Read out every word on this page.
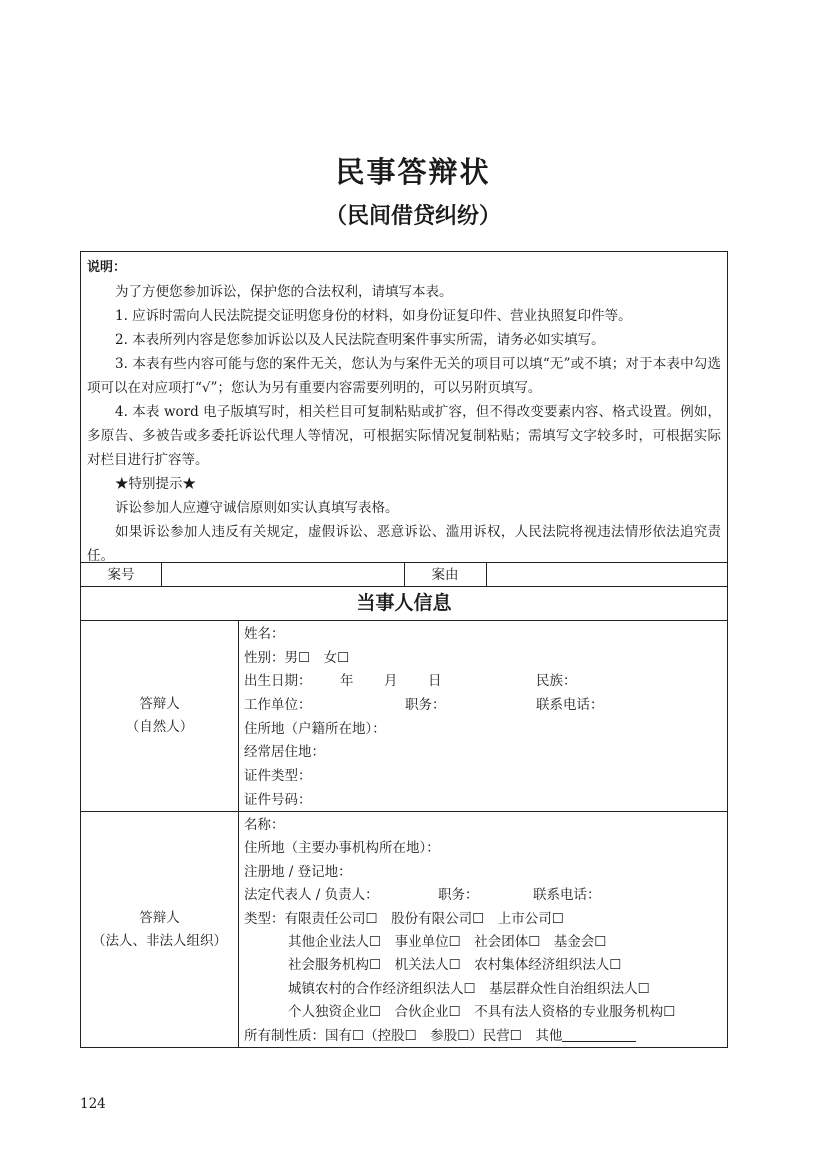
民事答辩状
（民间借贷纠纷）

说明：

为了方便您参加诉讼，保护您的合法权利，请填写本表。

1. 应诉时需向人民法院提交证明您身份的材料，如身份证复印件、营业执照复印件等。

2. 本表所列内容是您参加诉讼以及人民法院查明案件事实所需，请务必如实填写。

3. 本表有些内容可能与您的案件无关，您认为与案件无关的项目可以填“无”或不填；对于本表中勾选项可以在对应项打“√”；您认为另有重要内容需要列明的，可以另附页填写。

4. 本表 word 电子版填写时，相关栏目可复制粘贴或扩容，但不得改变要素内容、格式设置。例如，多原告、多被告或多委托诉讼代理人等情况，可根据实际情况复制粘贴；需填写文字较多时，可根据实际对栏目进行扩容等。

★特别提示★

诉讼参加人应遵守诚信原则如实认真填写表格。

如果诉讼参加人违反有关规定，虚假诉讼、恶意诉讼、滥用诉权，人民法院将视违法情形依法追究责任。

案号	案由
当事人信息
答辩人
（自然人）
姓名：
性别：男☐　女☐
出生日期： 年 月 日	民族：
工作单位：	职务：	联系电话：
住所地（户籍所在地）：
经常居住地：
证件类型：
证件号码：
答辩人
（法人、非法人组织）
名称：
住所地（主要办事机构所在地）：
注册地 / 登记地：
法定代表人 / 负责人：	职务：	联系电话：
类型：有限责任公司☐　股份有限公司☐　上市公司☐
其他企业法人☐　事业单位☐　社会团体☐　基金会☐
社会服务机构☐　机关法人☐　农村集体经济组织法人☐
城镇农村的合作经济组织法人☐　基层群众性自治组织法人☐
个人独资企业☐　合伙企业☐　不具有法人资格的专业服务机构☐
所有制性质：国有☐（控股☐　参股☐）民营☐　其他
124
